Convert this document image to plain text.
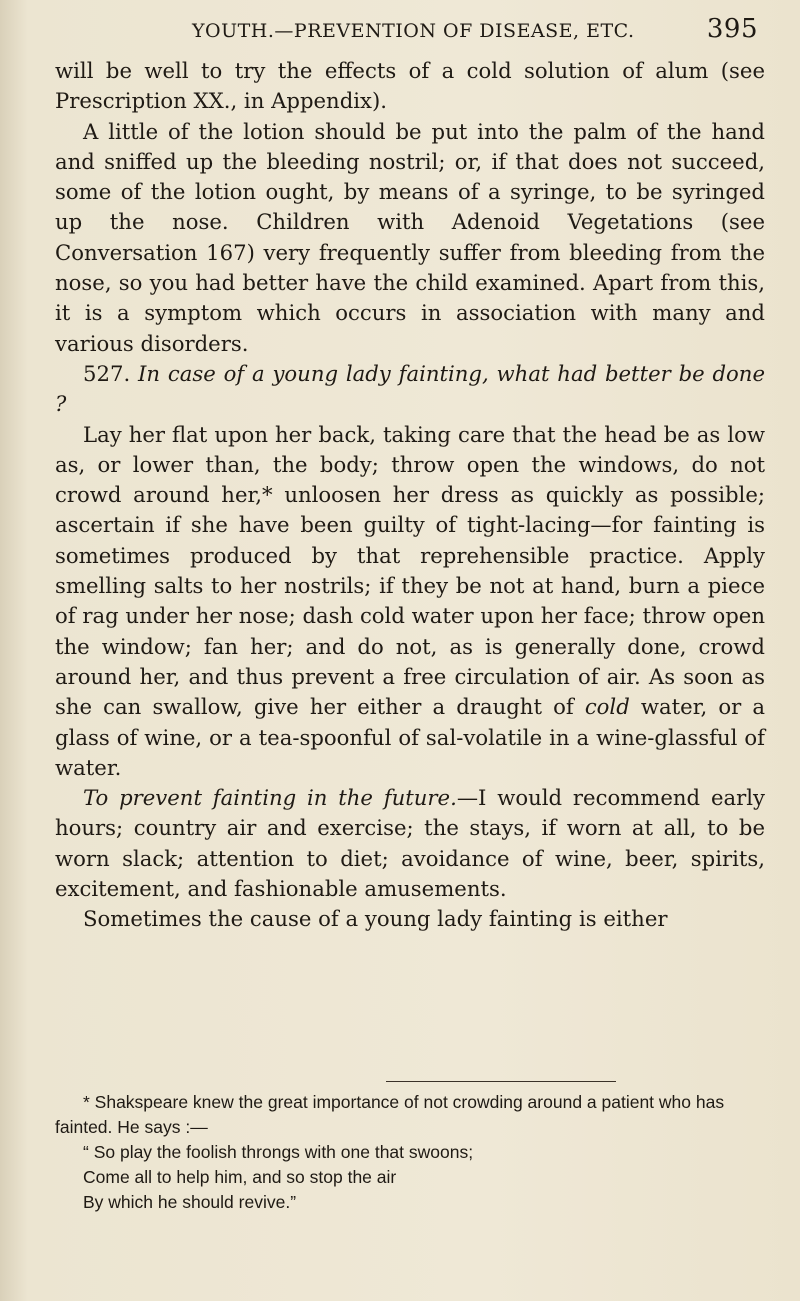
YOUTH.—PREVENTION OF DISEASE, ETC.	395

will be well to try the effects of a cold solution of alum (see Prescription XX., in Appendix).

A little of the lotion should be put into the palm of the hand and sniffed up the bleeding nostril; or, if that does not succeed, some of the lotion ought, by means of a syringe, to be syringed up the nose. Children with Adenoid Vegetations (see Conversation 167) very frequently suffer from bleeding from the nose, so you had better have the child examined. Apart from this, it is a symptom which occurs in association with many and various disorders.

527. In case of a young lady fainting, what had better be done ?

Lay her flat upon her back, taking care that the head be as low as, or lower than, the body; throw open the windows, do not crowd around her,* unloosen her dress as quickly as possible; ascertain if she have been guilty of tight-lacing—for fainting is sometimes produced by that reprehensible practice. Apply smelling salts to her nostrils; if they be not at hand, burn a piece of rag under her nose; dash cold water upon her face; throw open the window; fan her; and do not, as is generally done, crowd around her, and thus prevent a free circulation of air. As soon as she can swallow, give her either a draught of cold water, or a glass of wine, or a tea-spoonful of sal-volatile in a wine-glassful of water.

To prevent fainting in the future.—I would recommend early hours; country air and exercise; the stays, if worn at all, to be worn slack; attention to diet; avoidance of wine, beer, spirits, excitement, and fashionable amusements.

Sometimes the cause of a young lady fainting is either

* Shakspeare knew the great importance of not crowding around a patient who has fainted. He says :—

“ So play the foolish throngs with one that swoons;

Come all to help him, and so stop the air

By which he should revive.”
